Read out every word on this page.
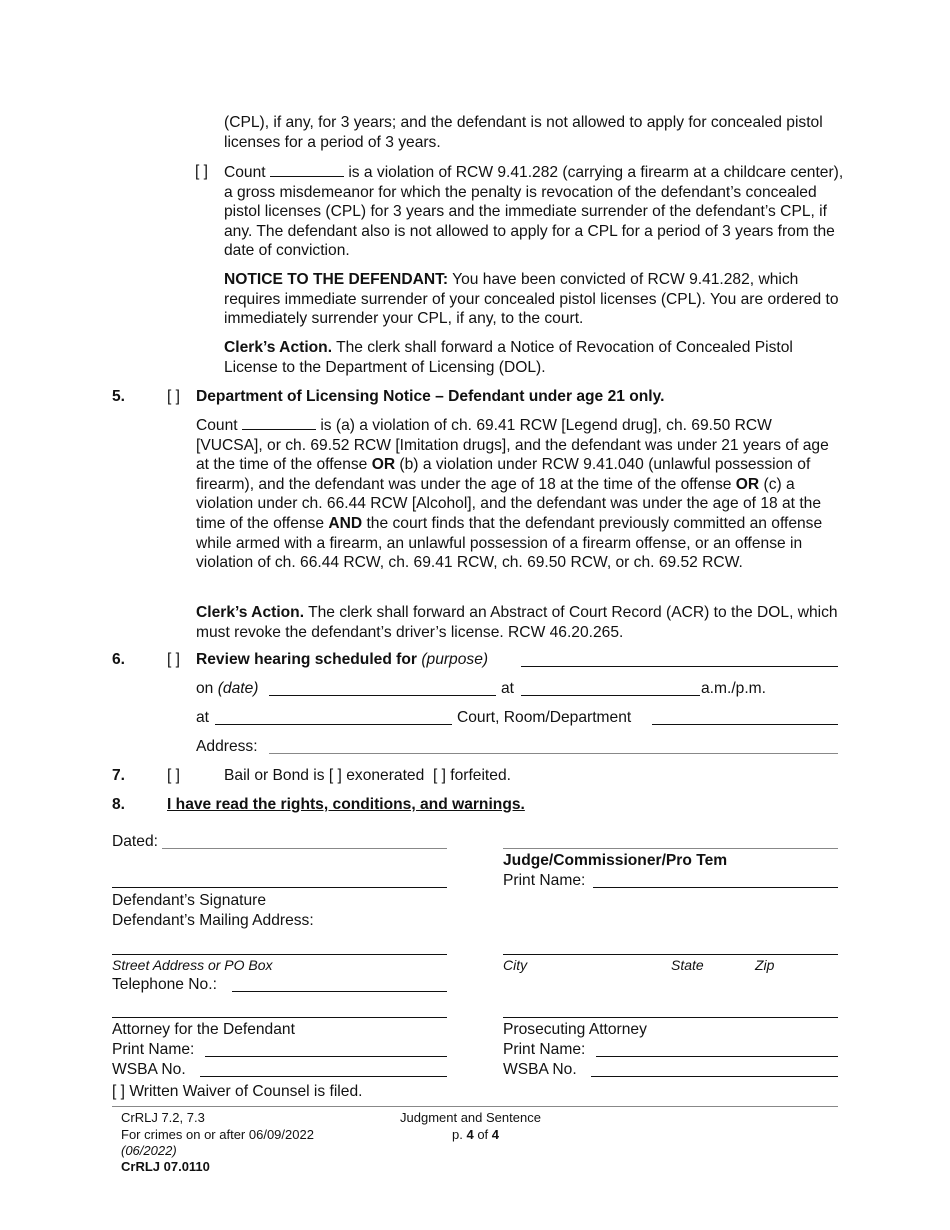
(CPL), if any, for 3 years; and the defendant is not allowed to apply for concealed pistol licenses for a period of 3 years.
[ ] Count	is a violation of RCW 9.41.282 (carrying a firearm at a childcare center), a gross misdemeanor for which the penalty is revocation of the defendant’s concealed pistol licenses (CPL) for 3 years and the immediate surrender of the defendant’s CPL, if any. The defendant also is not allowed to apply for a CPL for a period of 3 years from the date of conviction.
NOTICE TO THE DEFENDANT: You have been convicted of RCW 9.41.282, which requires immediate surrender of your concealed pistol licenses (CPL). You are ordered to immediately surrender your CPL, if any, to the court.
Clerk’s Action. The clerk shall forward a Notice of Revocation of Concealed Pistol License to the Department of Licensing (DOL).
5.	[ ] Department of Licensing Notice – Defendant under age 21 only.
Count	is (a) a violation of ch. 69.41 RCW [Legend drug], ch. 69.50 RCW [VUCSA], or ch. 69.52 RCW [Imitation drugs], and the defendant was under 21 years of age at the time of the offense OR (b) a violation under RCW 9.41.040 (unlawful possession of firearm), and the defendant was under the age of 18 at the time of the offense OR (c) a violation under ch. 66.44 RCW [Alcohol], and the defendant was under the age of 18 at the time of the offense AND the court finds that the defendant previously committed an offense while armed with a firearm, an unlawful possession of a firearm offense, or an offense in violation of ch. 66.44 RCW, ch. 69.41 RCW, ch. 69.50 RCW, or ch. 69.52 RCW.
Clerk’s Action. The clerk shall forward an Abstract of Court Record (ACR) to the DOL, which must revoke the defendant’s driver’s license. RCW 46.20.265.
6.	[ ] Review hearing scheduled for (purpose)
on (date)	at	a.m./p.m.
at	Court, Room/Department
Address:
7.	[ ]	Bail or Bond is [ ] exonerated  [ ] forfeited.
8.	I have read the rights, conditions, and warnings.
Dated:
Judge/Commissioner/Pro Tem
Print Name:
Defendant’s Signature
Defendant’s Mailing Address:
Street Address or PO Box	City	State	Zip
Telephone No.:
Attorney for the Defendant	Prosecuting Attorney
Print Name:	Print Name:
WSBA No.	WSBA No.
[ ] Written Waiver of Counsel is filed.
CrRLJ 7.2, 7.3
For crimes on or after 06/09/2022
(06/2022)
CrRLJ 07.0110
Judgment and Sentence
p. 4 of 4
